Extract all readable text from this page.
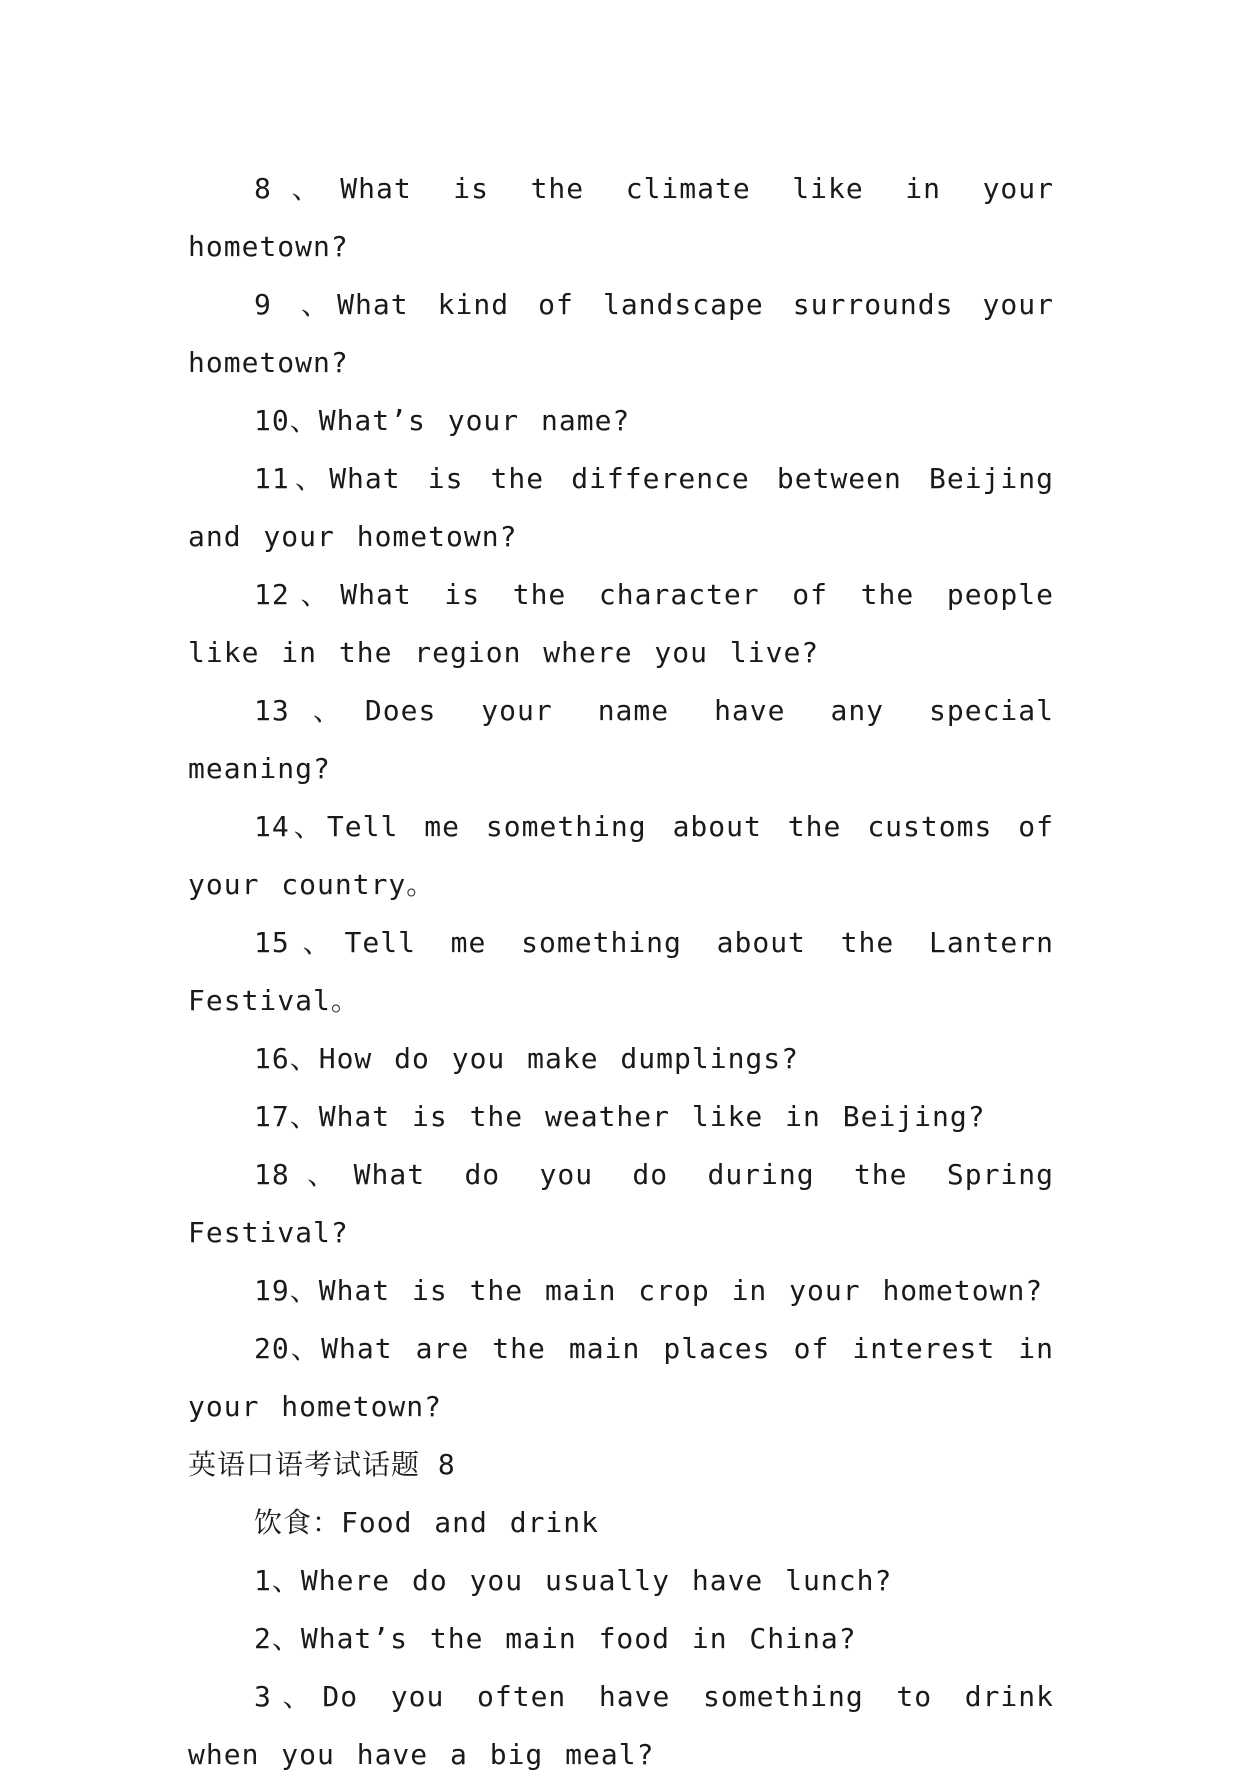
8、What is the climate like in your hometown?

9 、What kind of landscape surrounds your hometown?

10、What’s your name?

11、What is the difference between Beijing and your hometown?

12、What is the character of the people like in the region where you live?

13、Does your name have any special meaning?

14、Tell me something about the customs of your country。

15、Tell me something about the Lantern Festival。

16、How do you make dumplings?

17、What is the weather like in Beijing?

18、What do you do during the Spring Festival?

19、What is the main crop in your hometown?

20、What are the main places of interest in your hometown?

英语口语考试话题 8

饮食：Food and drink

1、Where do you usually have lunch?

2、What’s the main food in China?

3、Do you often have something to drink when you have a big meal?
